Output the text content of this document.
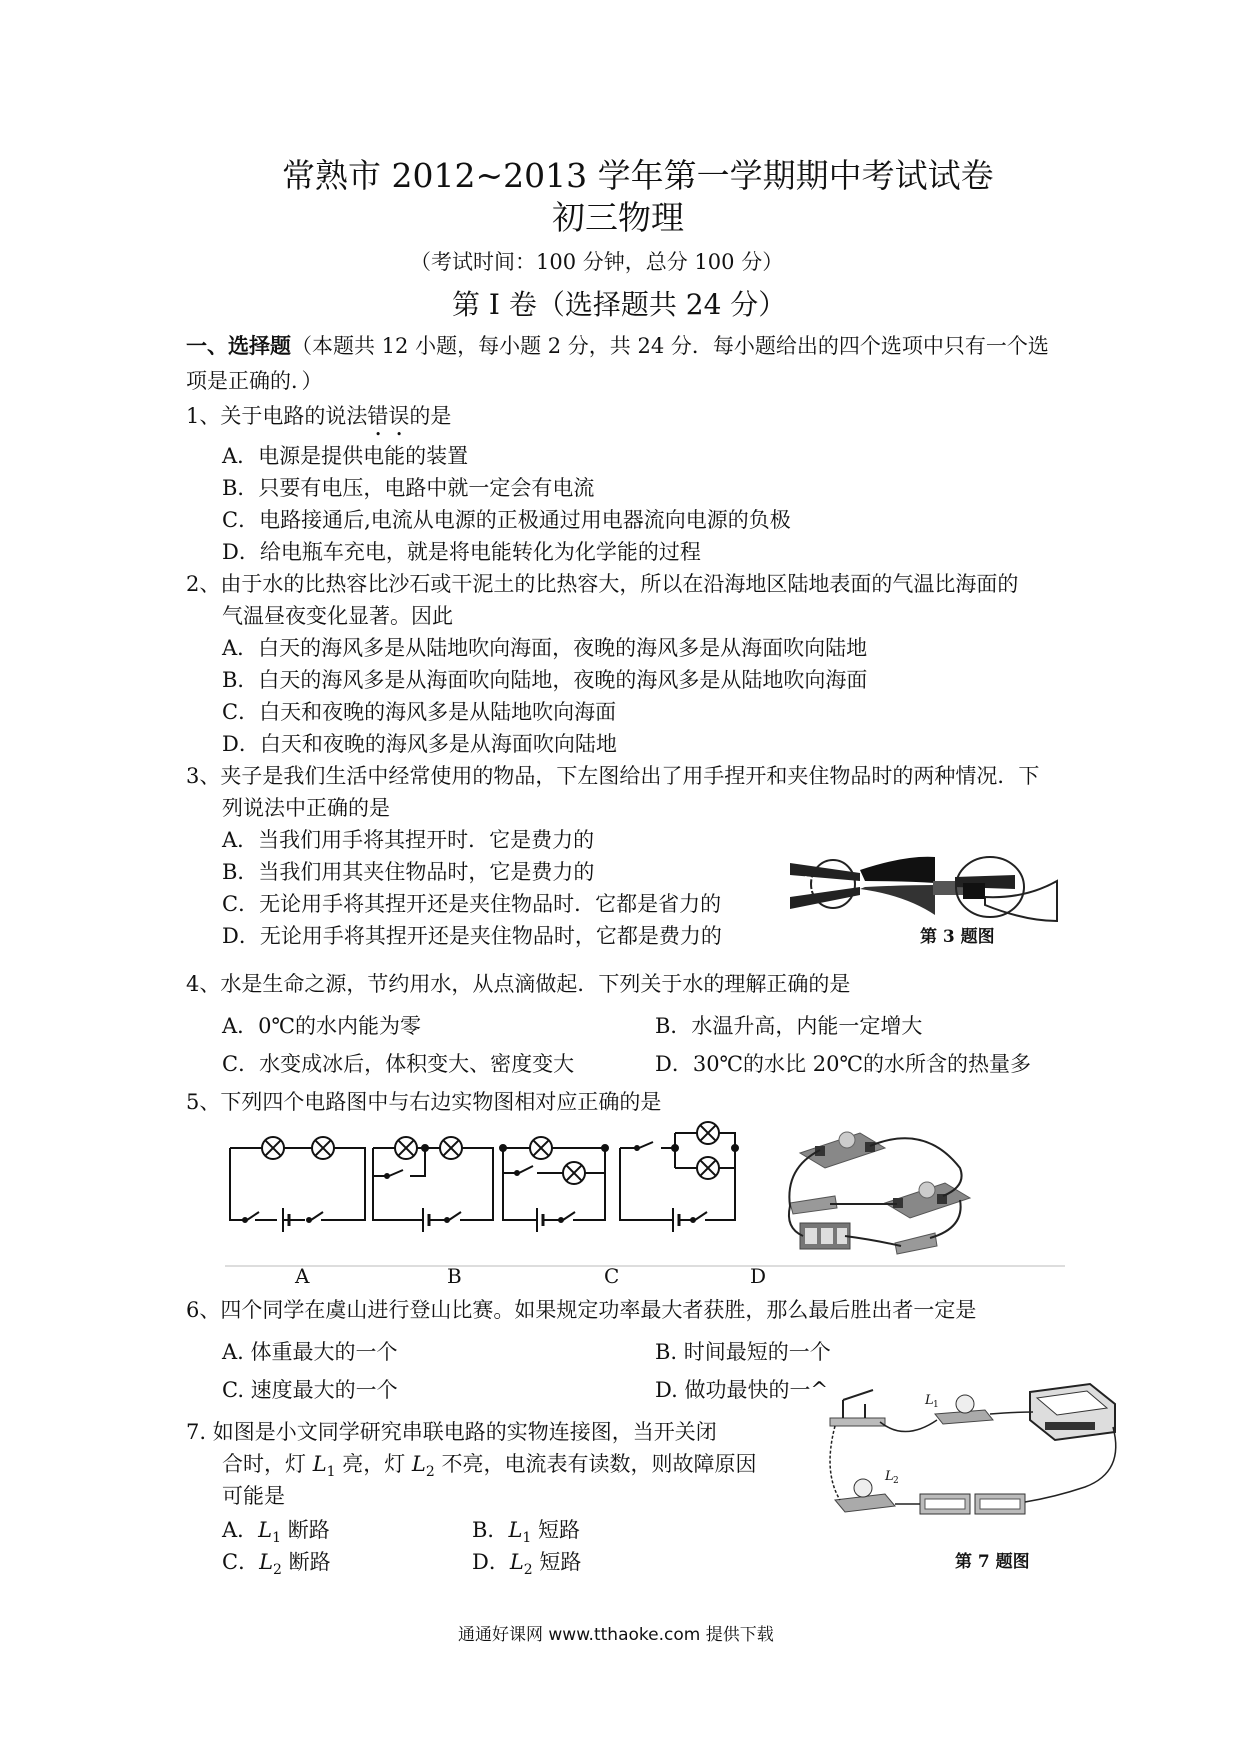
常熟市 2012~2013 学年第一学期期中考试试卷
初三物理
（考试时间：100 分钟，总分 100 分）
第 I 卷（选择题共 24 分）
一、选择题（本题共 12 小题，每小题 2 分，共 24 分．每小题给出的四个选项中只有一个选
项是正确的．）
1、关于电路的说法错误的是
A．电源是提供电能的装置
B．只要有电压，电路中就一定会有电流
C．电路接通后,电流从电源的正极通过用电器流向电源的负极
D．给电瓶车充电，就是将电能转化为化学能的过程
2、由于水的比热容比沙石或干泥土的比热容大，所以在沿海地区陆地表面的气温比海面的
气温昼夜变化显著。因此
A．白天的海风多是从陆地吹向海面，夜晚的海风多是从海面吹向陆地
B．白天的海风多是从海面吹向陆地，夜晚的海风多是从陆地吹向海面
C．白天和夜晚的海风多是从陆地吹向海面
D．白天和夜晚的海风多是从海面吹向陆地
3、夹子是我们生活中经常使用的物品，下左图给出了用手捏开和夹住物品时的两种情况．下
列说法中正确的是
A．当我们用手将其捏开时．它是费力的
B．当我们用其夹住物品时，它是费力的
C．无论用手将其捏开还是夹住物品时．它都是省力的
D．无论用手将其捏开还是夹住物品时，它都是费力的	第 3 题图
4、水是生命之源，节约用水，从点滴做起．下列关于水的理解正确的是
A．0℃的水内能为零	B．水温升高，内能一定增大
C．水变成冰后，体积变大、密度变大	D．30℃的水比 20℃的水所含的热量多
5、下列四个电路图中与右边实物图相对应正确的是
A	B	C	D
6、四个同学在虞山进行登山比赛。如果规定功率最大者获胜，那么最后胜出者一定是
A. 体重最大的一个	B. 时间最短的一个
C. 速度最大的一个	D. 做功最快的一^
7. 如图是小文同学研究串联电路的实物连接图，当开关闭
合时，灯 $L_1$ 亮，灯 $L_2$ 不亮，电流表有读数，则故障原因
可能是
A．$L_1$ 断路	B．$L_1$ 短路
C．$L_2$ 断路	D．$L_2$ 短路
L 1
L 2
第 7 题图
通通好课网 www.tthaoke.com 提供下载
